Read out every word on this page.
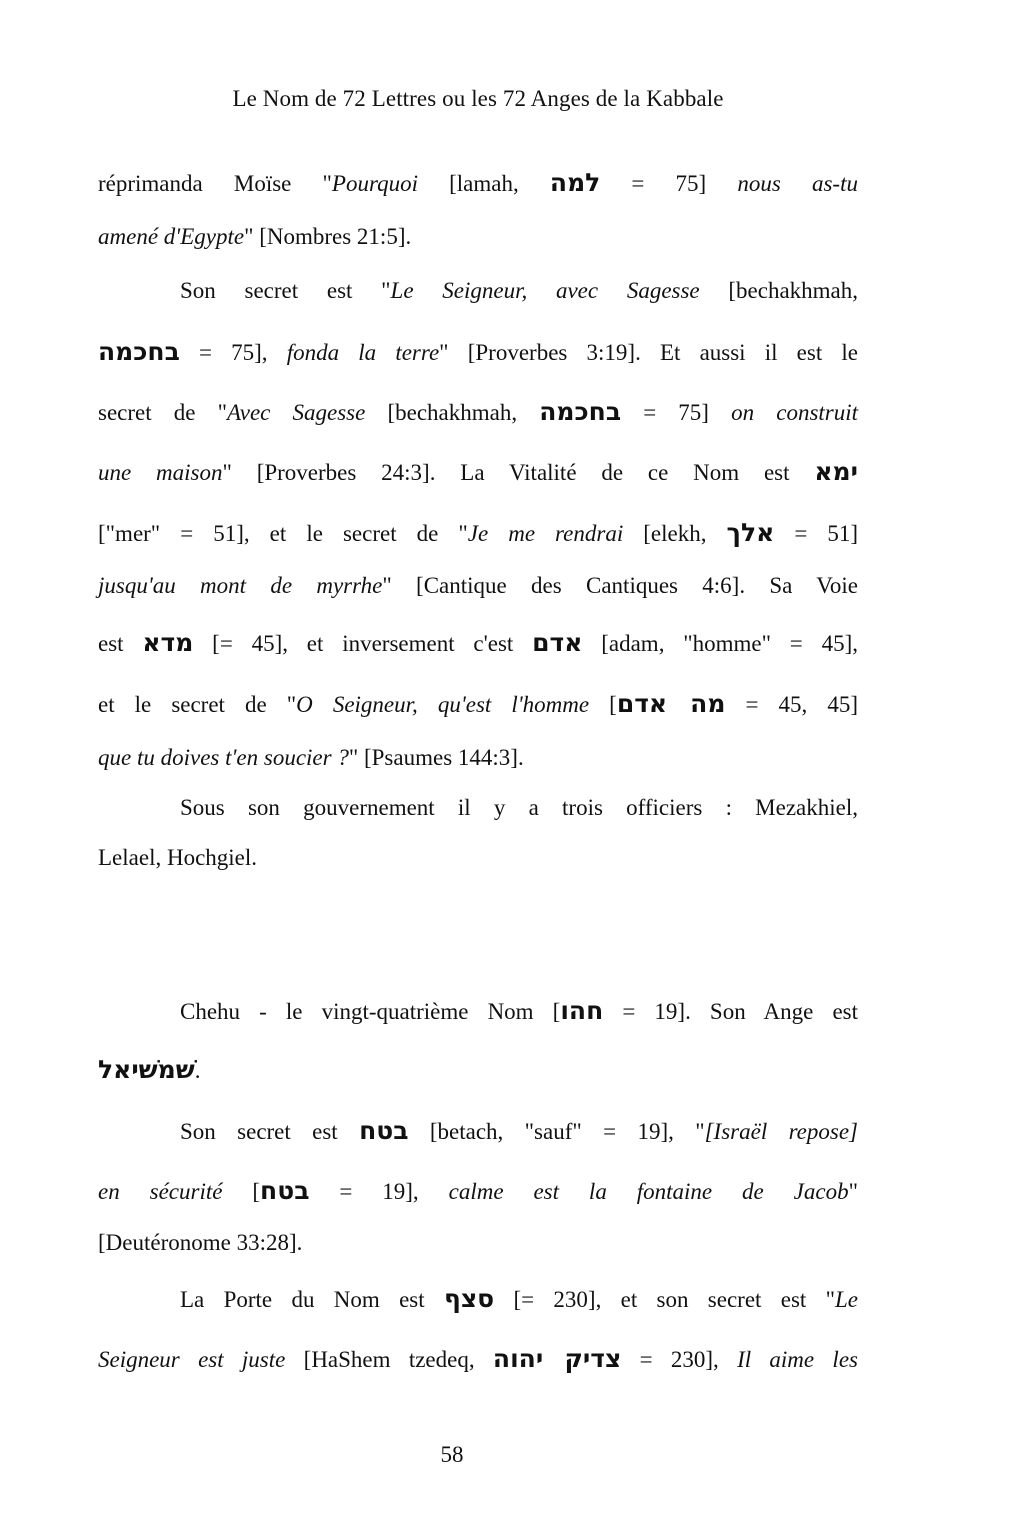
Le Nom de 72 Lettres ou les 72 Anges de la Kabbale
réprimanda Moïse "Pourquoi [lamah, למה = 75] nous as-tu
amené d'Egypte" [Nombres 21:5].
Son secret est "Le Seigneur, avec Sagesse [bechakhmah,
בחכמה = 75], fonda la terre" [Proverbes 3:19]. Et aussi il est le
secret de "Avec Sagesse [bechakhmah, בחכמה = 75] on construit
une maison" [Proverbes 24:3]. La Vitalité de ce Nom est ימא
["mer" = 51], et le secret de "Je me rendrai [elekh, אלך = 51]
jusqu'au mont de myrrhe" [Cantique des Cantiques 4:6]. Sa Voie
est מדא [= 45], et inversement c'est אדם [adam, "homme" = 45],
et le secret de "O Seigneur, qu'est l'homme [מה אדם = 45, 45]
que tu doives t'en soucier ?" [Psaumes 144:3].
Sous son gouvernement il y a trois officiers : Mezakhiel,
Lelael, Hochgiel.
Chehu - le vingt-quatrième Nom [חהו = 19]. Son Ange est
שׁמשׁיאל.
Son secret est בטח [betach, "sauf" = 19], "[Israël repose]
en sécurité [בטח = 19], calme est la fontaine de Jacob"
[Deutéronome 33:28].
La Porte du Nom est סצף [= 230], et son secret est "Le
Seigneur est juste [HaShem tzedeq, צדיק יהוה = 230], Il aime les
58
